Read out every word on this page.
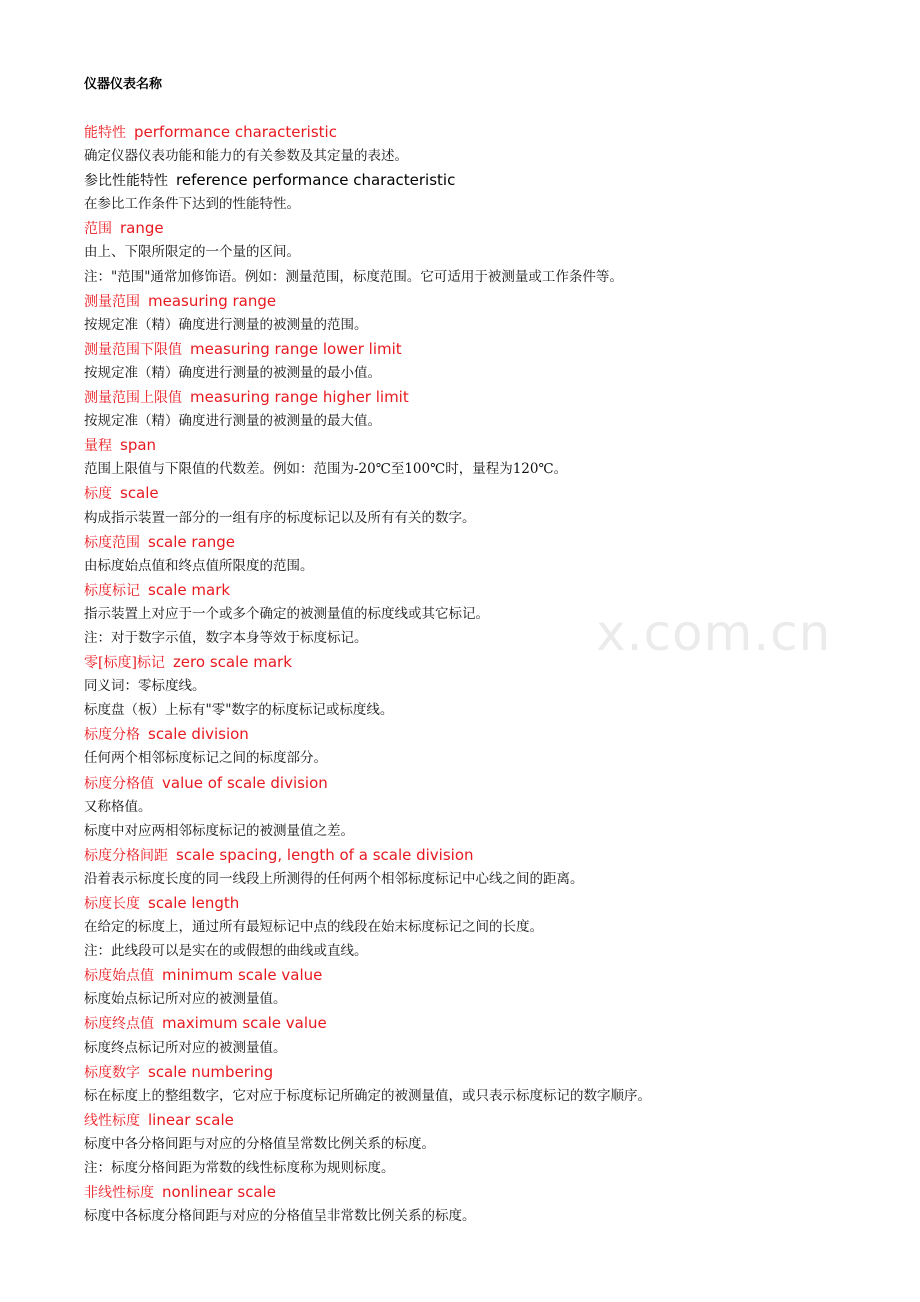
x.com.cn
仪器仪表名称
能特性 performance characteristic
确定仪器仪表功能和能力的有关参数及其定量的表述。
参比性能特性 reference performance characteristic
在参比工作条件下达到的性能特性。
范围 range
由上、下限所限定的一个量的区间。
注："范围"通常加修饰语。例如：测量范围，标度范围。它可适用于被测量或工作条件等。
测量范围 measuring range
按规定准（精）确度进行测量的被测量的范围。
测量范围下限值 measuring range lower limit
按规定准（精）确度进行测量的被测量的最小值。
测量范围上限值 measuring range higher limit
按规定准（精）确度进行测量的被测量的最大值。
量程 span
范围上限值与下限值的代数差。例如：范围为-20℃至100℃时，量程为120℃。
标度 scale
构成指示装置一部分的一组有序的标度标记以及所有有关的数字。
标度范围 scale range
由标度始点值和终点值所限度的范围。
标度标记 scale mark
指示装置上对应于一个或多个确定的被测量值的标度线或其它标记。
注：对于数字示值，数字本身等效于标度标记。
零[标度]标记 zero scale mark
同义词：零标度线。
标度盘（板）上标有"零"数字的标度标记或标度线。
标度分格 scale division
任何两个相邻标度标记之间的标度部分。
标度分格值 value of scale division
又称格值。
标度中对应两相邻标度标记的被测量值之差。
标度分格间距 scale spacing, length of a scale division
沿着表示标度长度的同一线段上所测得的任何两个相邻标度标记中心线之间的距离。
标度长度 scale length
在给定的标度上，通过所有最短标记中点的线段在始末标度标记之间的长度。
注：此线段可以是实在的或假想的曲线或直线。
标度始点值 minimum scale value
标度始点标记所对应的被测量值。
标度终点值 maximum scale value
标度终点标记所对应的被测量值。
标度数字 scale numbering
标在标度上的整组数字，它对应于标度标记所确定的被测量值，或只表示标度标记的数字顺序。
线性标度 linear scale
标度中各分格间距与对应的分格值呈常数比例关系的标度。
注：标度分格间距为常数的线性标度称为规则标度。
非线性标度 nonlinear scale
标度中各标度分格间距与对应的分格值呈非常数比例关系的标度。
